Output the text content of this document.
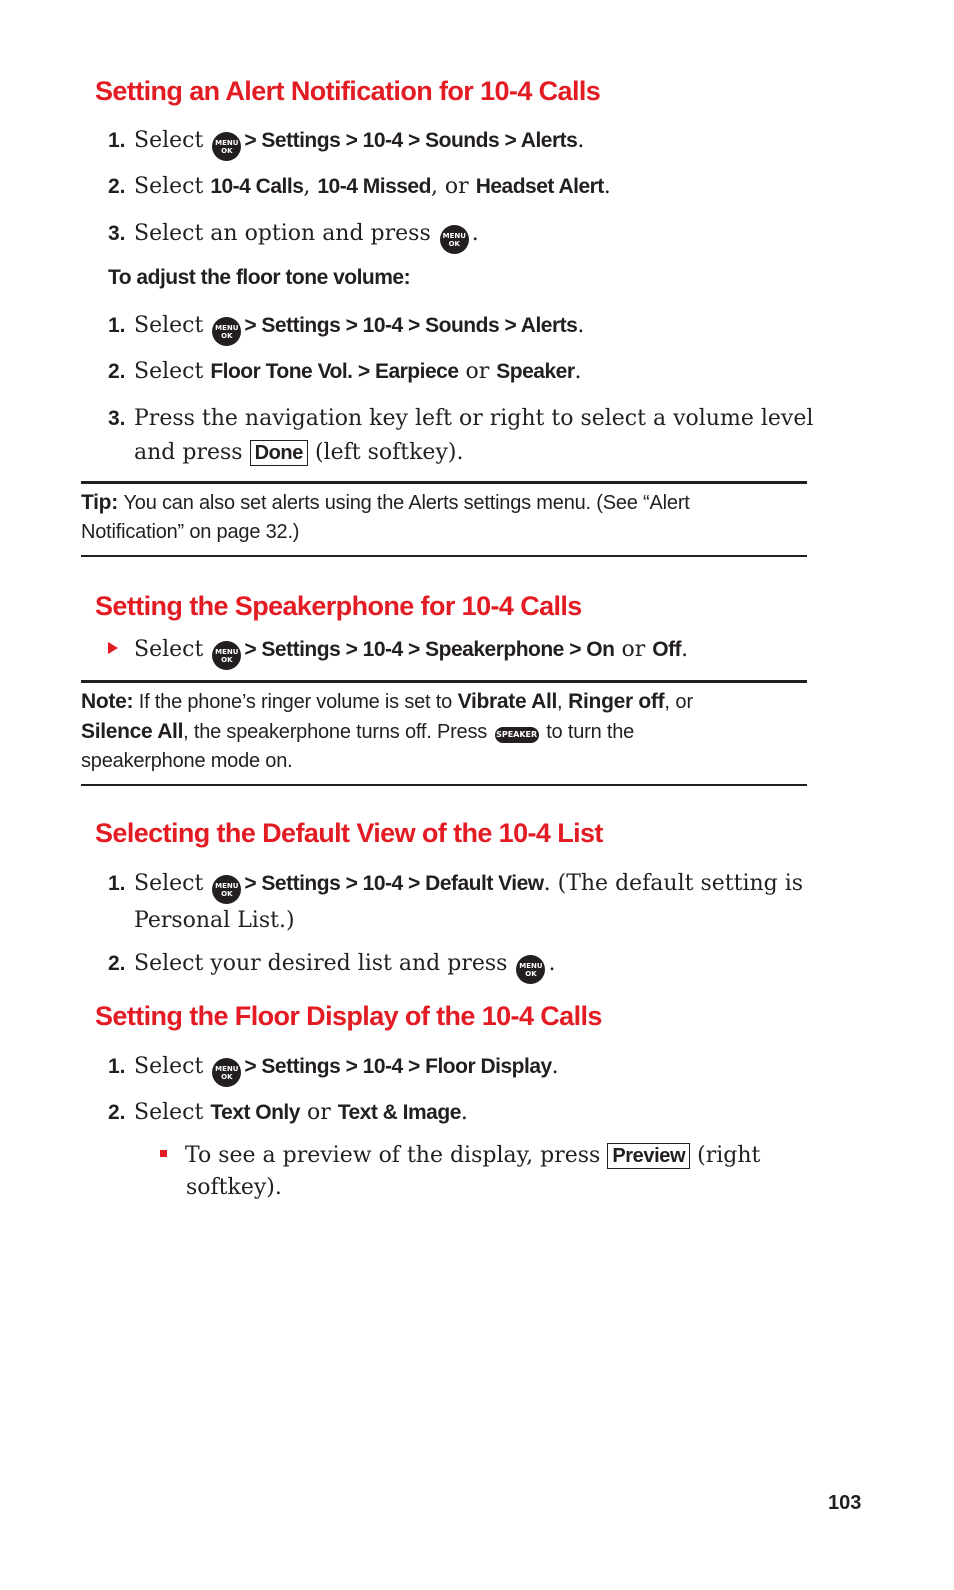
Setting an Alert Notification for 10-4 Calls
1. Select	MENU
OK > Settings > 10-4 > Sounds > Alerts.
2. Select 10-4 Calls, 10-4 Missed, or Headset Alert.
3. Select an option and press	MENU
OK .
To adjust the floor tone volume:
1. Select	MENU
OK > Settings > 10-4 > Sounds > Alerts.
2. Select Floor Tone Vol. > Earpiece or Speaker.
3. Press the navigation key left or right to select a volume level
and press Done (left softkey).
Tip: You can also set alerts using the Alerts settings menu. (See “Alert
Notification” on page 32.)
Setting the Speakerphone for 10-4 Calls
Select	MENU
OK > Settings > 10-4 > Speakerphone > On or Off.
Note: If the phone’s ringer volume is set to Vibrate All, Ringer off, or
Silence All, the speakerphone turns off. Press SPEAKER to turn the
speakerphone mode on.
Selecting the Default View of the 10-4 List
1. Select	MENU
OK > Settings > 10-4 > Default View. (The default setting is
Personal List.)
2. Select your desired list and press	MENU
OK .
Setting the Floor Display of the 10-4 Calls
1. Select	MENU
OK > Settings > 10-4 > Floor Display.
2. Select Text Only or Text & Image.
To see a preview of the display, press Preview (right
softkey).
103
